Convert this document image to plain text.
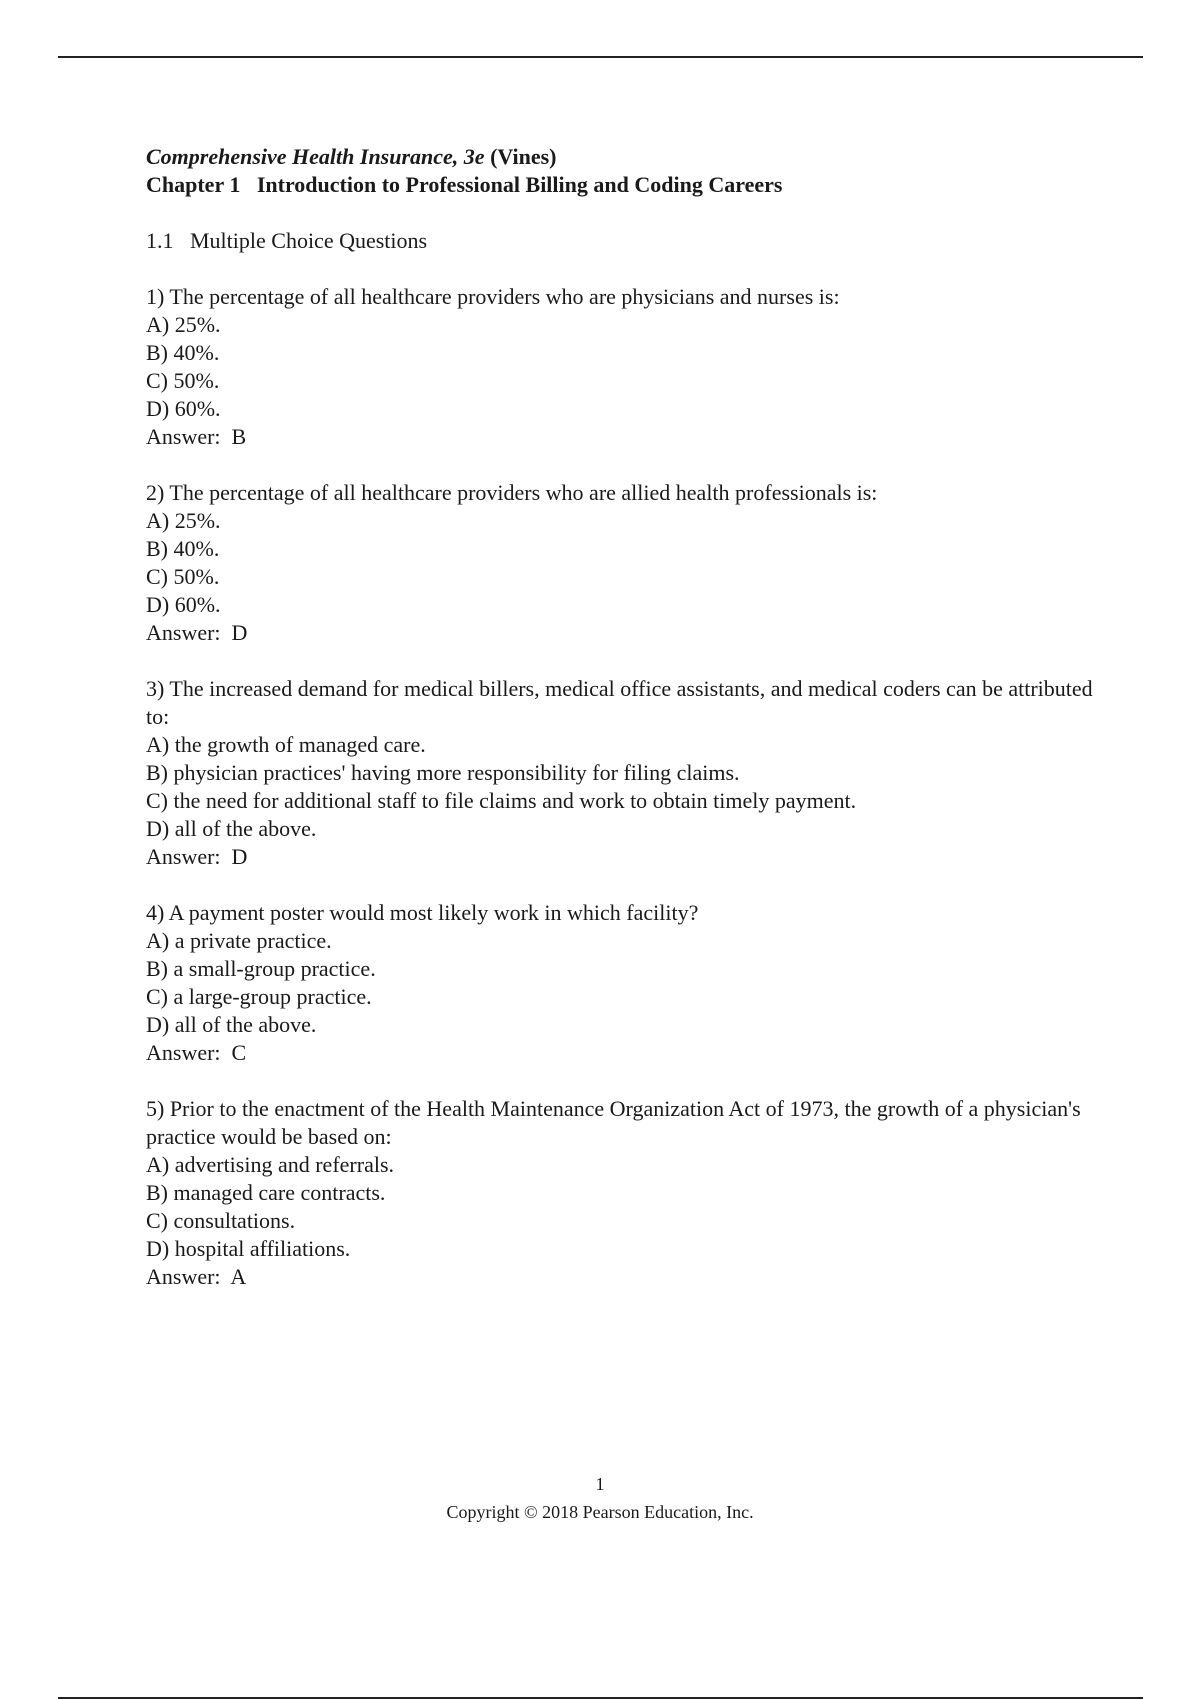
Comprehensive Health Insurance, 3e (Vines)
Chapter 1   Introduction to Professional Billing and Coding Careers
1.1   Multiple Choice Questions
1) The percentage of all healthcare providers who are physicians and nurses is:
A) 25%.
B) 40%.
C) 50%.
D) 60%.
Answer:  B
2) The percentage of all healthcare providers who are allied health professionals is:
A) 25%.
B) 40%.
C) 50%.
D) 60%.
Answer:  D
3) The increased demand for medical billers, medical office assistants, and medical coders can be attributed to:
A) the growth of managed care.
B) physician practices' having more responsibility for filing claims.
C) the need for additional staff to file claims and work to obtain timely payment.
D) all of the above.
Answer:  D
4) A payment poster would most likely work in which facility?
A) a private practice.
B) a small-group practice.
C) a large-group practice.
D) all of the above.
Answer:  C
5) Prior to the enactment of the Health Maintenance Organization Act of 1973, the growth of a physician's practice would be based on:
A) advertising and referrals.
B) managed care contracts.
C) consultations.
D) hospital affiliations.
Answer:  A
1
Copyright © 2018 Pearson Education, Inc.
